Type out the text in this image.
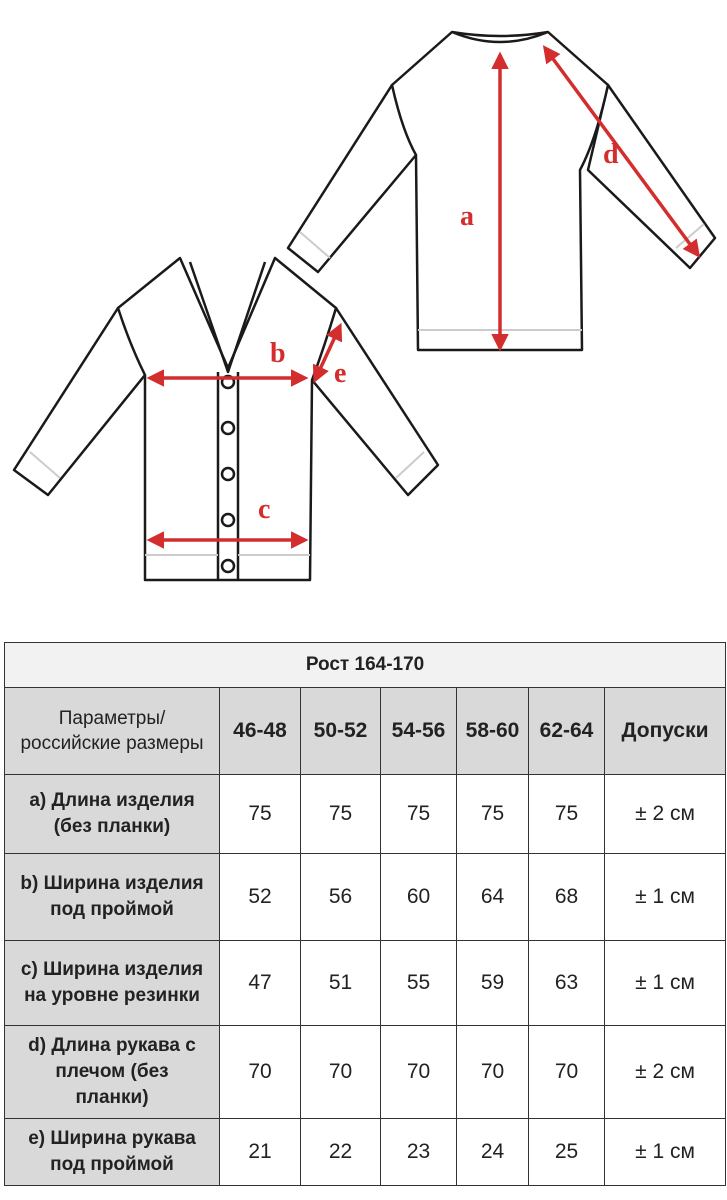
a
d
b
e
c
Рост 164-170						
Параметры/
российские размеры	46-48	50-52	54-56	58-60	62-64	Допуски
a) Длина изделия
(без планки)	75	75	75	75	75	± 2 см
b) Ширина изделия
под проймой	52	56	60	64	68	± 1 см
c) Ширина изделия
на уровне резинки	47	51	55	59	63	± 1 см
d) Длина рукава с
плечом (без
планки)	70	70	70	70	70	± 2 см
e) Ширина рукава
под проймой	21	22	23	24	25	± 1 см
